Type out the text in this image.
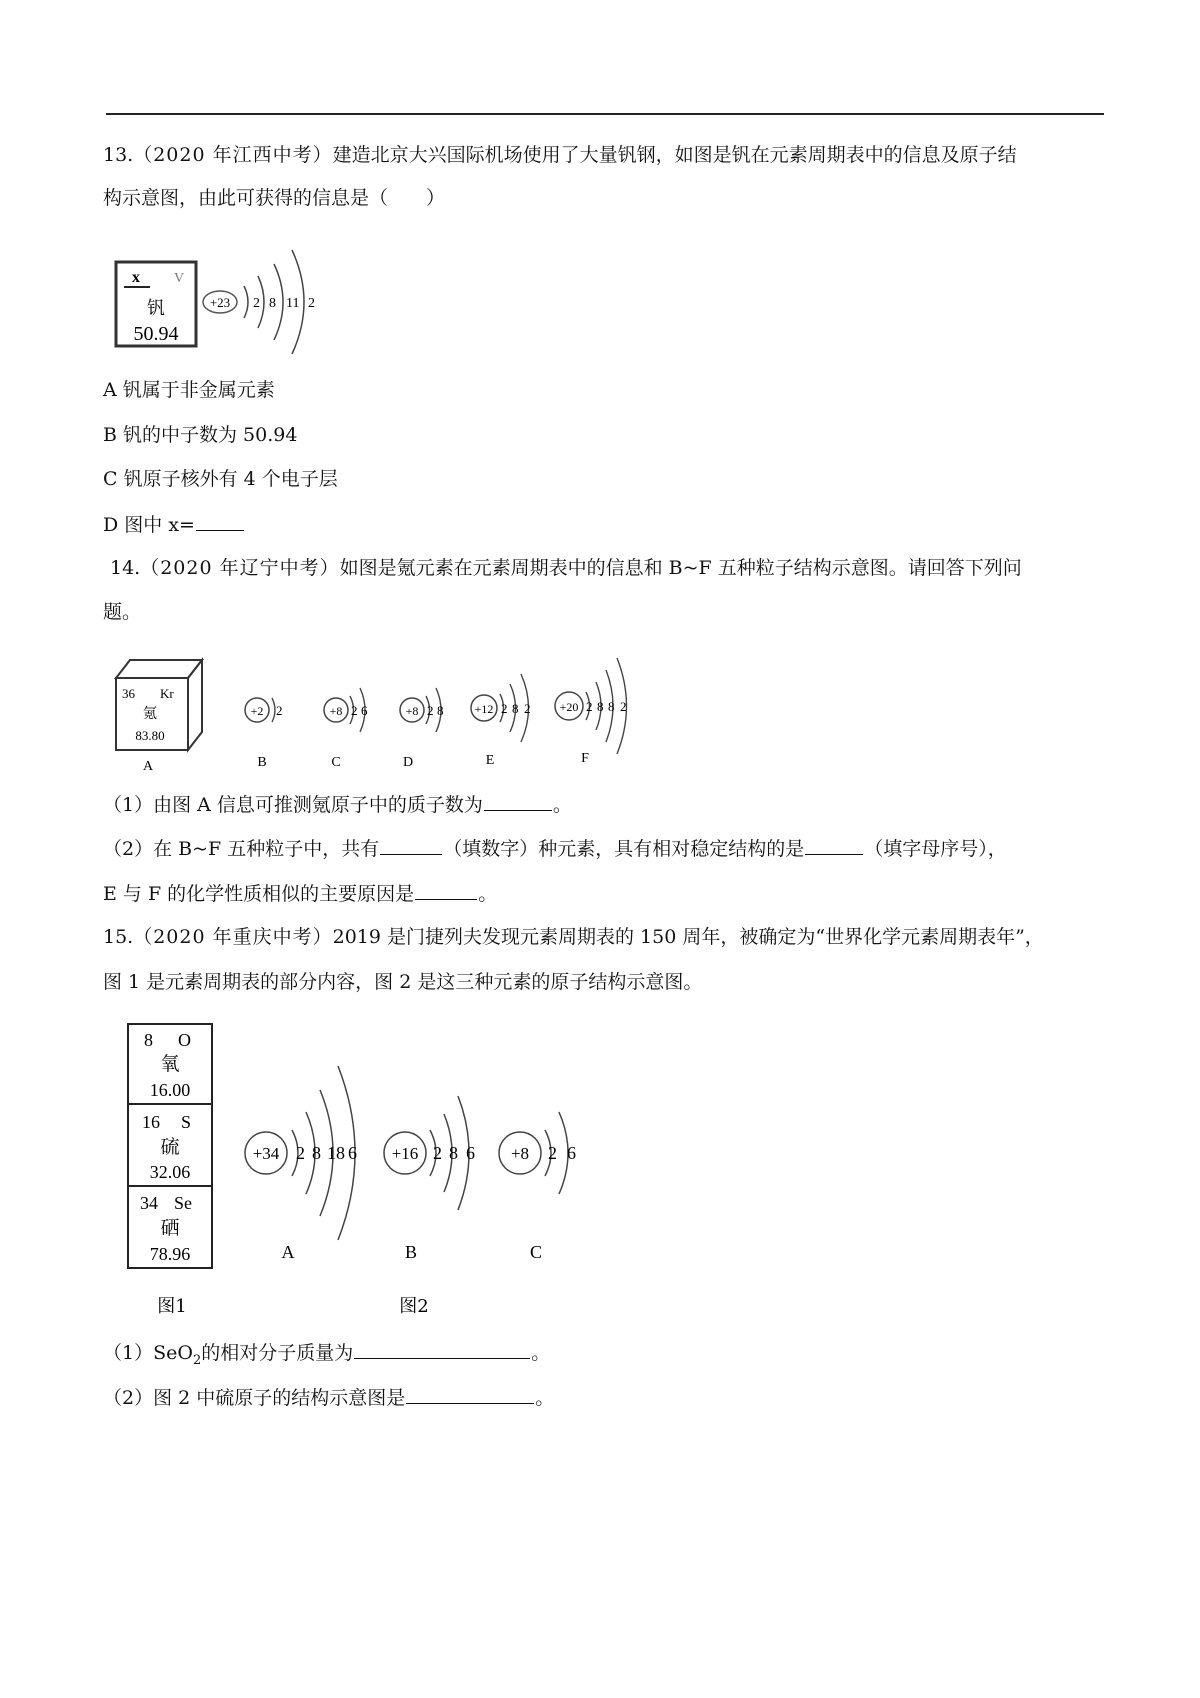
13.（2020 年江西中考）建造北京大兴国际机场使用了大量钒钢，如图是钒在元素周期表中的信息及原子结
构示意图，由此可获得的信息是（　　）
x V
钒
50.94
+23 2 8 11 2
A 钒属于非金属元素
B 钒的中子数为 50.94
C 钒原子核外有 4 个电子层
D 图中 x=
14.（2020 年辽宁中考）如图是氪元素在元素周期表中的信息和 B~F 五种粒子结构示意图。请回答下列问
题。
36 Kr
氪
83.80
A
+2 2
B
+8 2 6
C
+8 2 8
D
+12 2 8 2
E
+20 2 8 8 2
F
（1）由图 A 信息可推测氪原子中的质子数为	。
（2）在 B~F 五种粒子中，共有	（填数字）种元素，具有相对稳定结构的是	（填字母序号），
E 与 F 的化学性质相似的主要原因是	。
15.（2020 年重庆中考）2019 是门捷列夫发现元素周期表的 150 周年，被确定为“世界化学元素周期表年”，
图 1 是元素周期表的部分内容，图 2 是这三种元素的原子结构示意图。
8 O
氧
16.00
16 S
硫
32.06
34 Se
硒
78.96
图1
+34 2 8 18 6
A
+16 2 8 6
B
图2
+8 2 6
C
（1）SeO$_2$的相对分子质量为	。
（2）图 2 中硫原子的结构示意图是	。
